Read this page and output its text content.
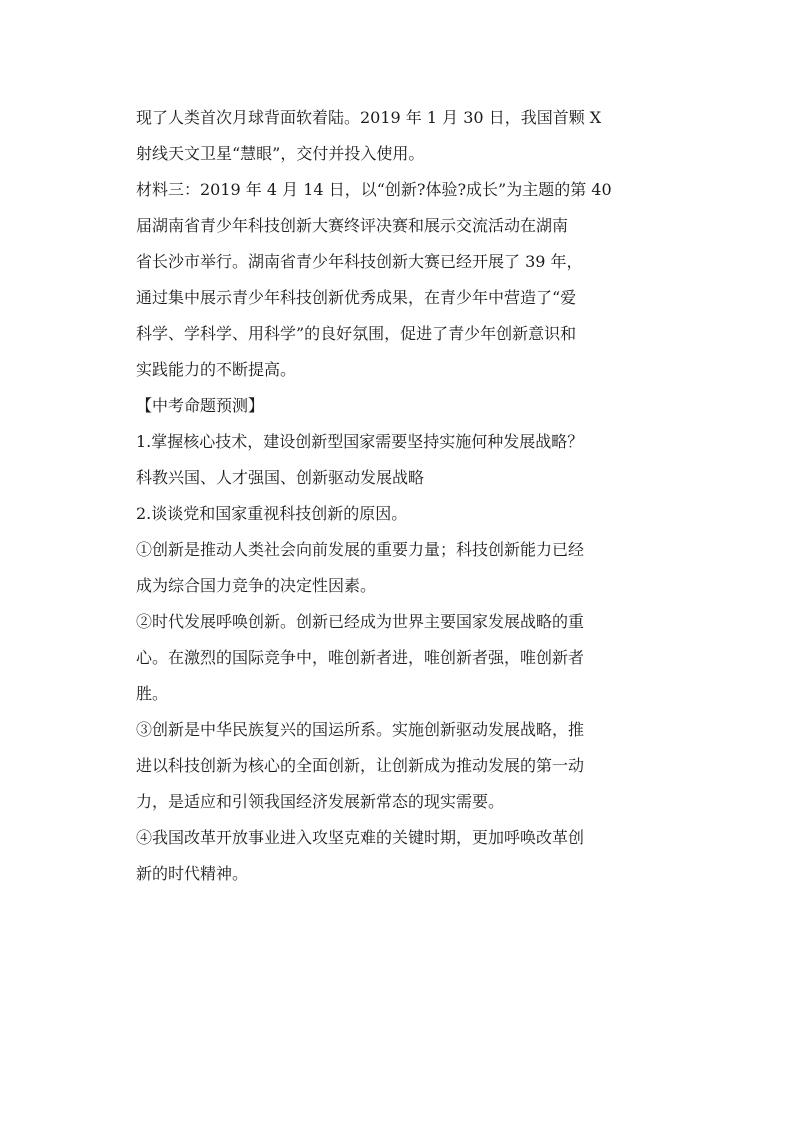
现了人类首次月球背面软着陆。2019 年 1 月 30 日，我国首颗 X
射线天文卫星“慧眼”，交付并投入使用。

材料三：2019 年 4 月 14 日，以“创新?体验?成长”为主题的第 40
届湖南省青少年科技创新大赛终评决赛和展示交流活动在湖南
省长沙市举行。湖南省青少年科技创新大赛已经开展了 39 年，
通过集中展示青少年科技创新优秀成果，在青少年中营造了“爱
科学、学科学、用科学”的良好氛围，促进了青少年创新意识和
实践能力的不断提高。

【中考命题预测】

1.掌握核心技术，建设创新型国家需要坚持实施何种发展战略？

科教兴国、人才强国、创新驱动发展战略

2.谈谈党和国家重视科技创新的原因。

①创新是推动人类社会向前发展的重要力量；科技创新能力已经
成为综合国力竞争的决定性因素。

②时代发展呼唤创新。创新已经成为世界主要国家发展战略的重
心。在激烈的国际竞争中，唯创新者进，唯创新者强，唯创新者
胜。

③创新是中华民族复兴的国运所系。实施创新驱动发展战略，推
进以科技创新为核心的全面创新，让创新成为推动发展的第一动
力，是适应和引领我国经济发展新常态的现实需要。

④我国改革开放事业进入攻坚克难的关键时期，更加呼唤改革创
新的时代精神。
